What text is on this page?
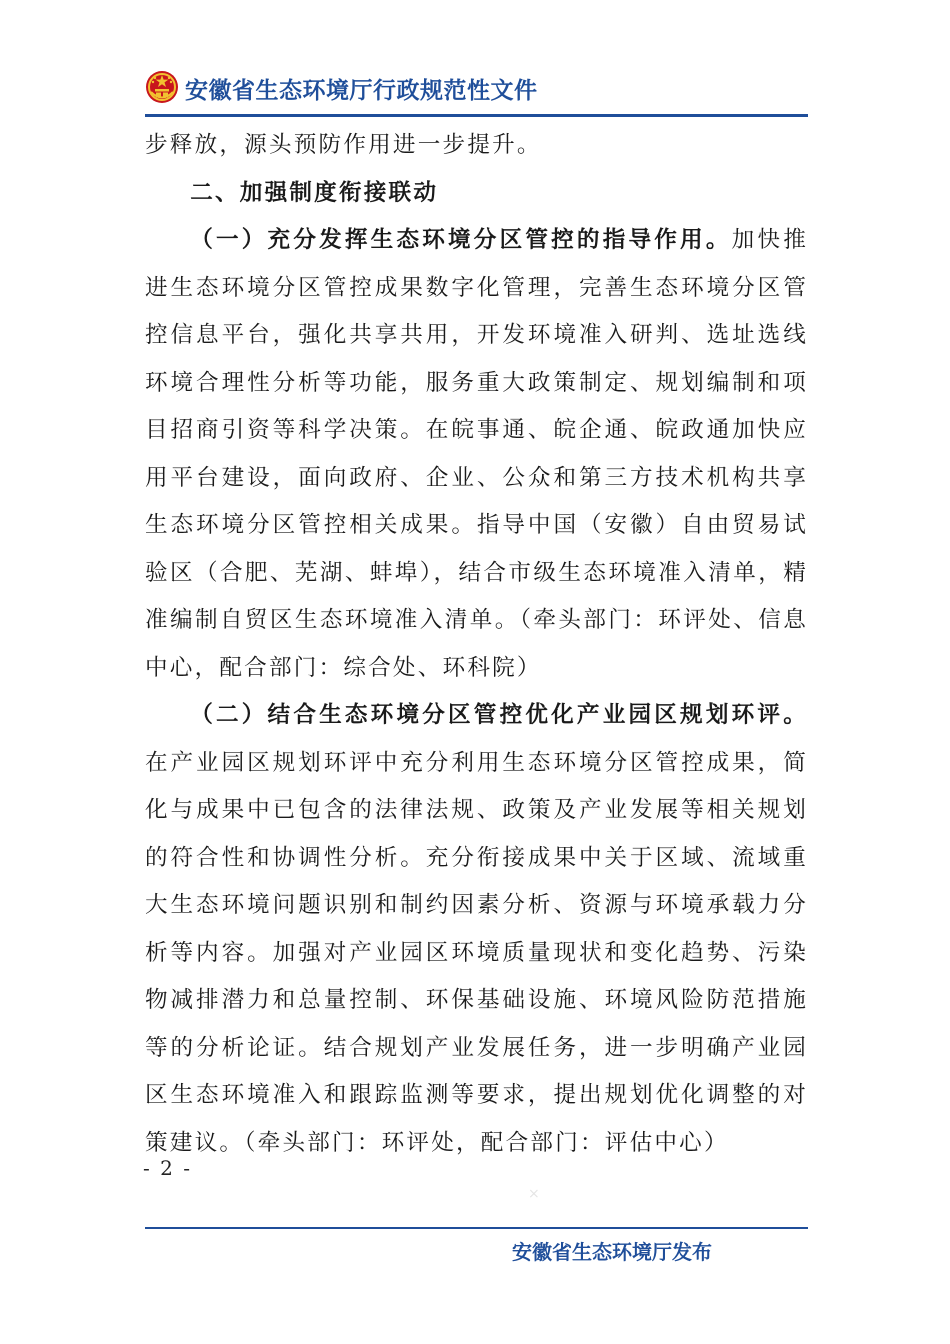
安徽省生态环境厅行政规范性文件

步释放，源头预防作用进一步提升。

二、加强制度衔接联动

（一）充分发挥生态环境分区管控的指导作用。加快推进生态环境分区管控成果数字化管理，完善生态环境分区管控信息平台，强化共享共用，开发环境准入研判、选址选线环境合理性分析等功能，服务重大政策制定、规划编制和项目招商引资等科学决策。在皖事通、皖企通、皖政通加快应用平台建设，面向政府、企业、公众和第三方技术机构共享生态环境分区管控相关成果。指导中国（安徽）自由贸易试验区（合肥、芜湖、蚌埠），结合市级生态环境准入清单，精准编制自贸区生态环境准入清单。（牵头部门：环评处、信息中心，配合部门：综合处、环科院）

（二）结合生态环境分区管控优化产业园区规划环评。在产业园区规划环评中充分利用生态环境分区管控成果，简化与成果中已包含的法律法规、政策及产业发展等相关规划的符合性和协调性分析。充分衔接成果中关于区域、流域重大生态环境问题识别和制约因素分析、资源与环境承载力分析等内容。加强对产业园区环境质量现状和变化趋势、污染物减排潜力和总量控制、环保基础设施、环境风险防范措施等的分析论证。结合规划产业发展任务，进一步明确产业园区生态环境准入和跟踪监测等要求，提出规划优化调整的对策建议。（牵头部门：环评处，配合部门：评估中心）

- 2 -
×
安徽省生态环境厅发布
